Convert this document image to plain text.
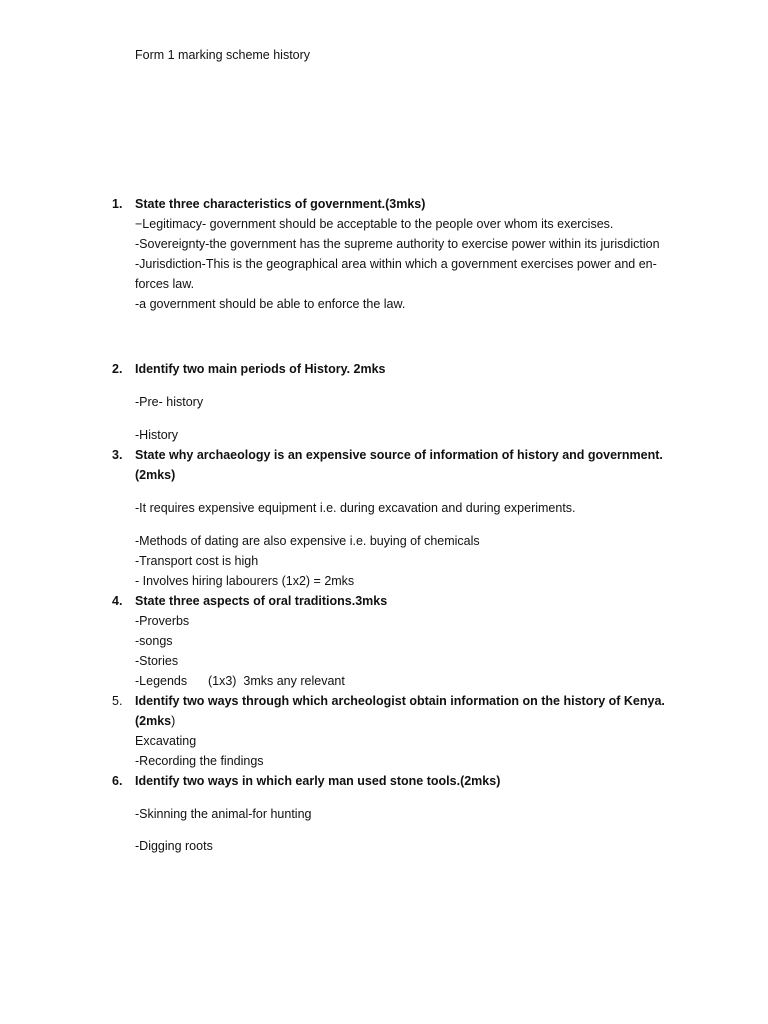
Form 1 marking scheme history
1. State three characteristics of government.(3mks)
−Legitimacy- government should be acceptable to the people over whom its exercises.
-Sovereignty-the government has the supreme authority to exercise power within its jurisdiction
-Jurisdiction-This is the geographical area within which a government exercises power and en-
forces law.
-a government should be able to enforce the law.
2. Identify two main periods of History. 2mks
-Pre- history
-History
3. State why archaeology is an expensive source of information of history and government.
(2mks)
-It requires expensive equipment i.e. during excavation and during experiments.
-Methods of dating are also expensive i.e. buying of chemicals
-Transport cost is high
- Involves hiring labourers (1x2) = 2mks
4. State three aspects of oral traditions.3mks
-Proverbs
-songs
-Stories
-Legends      (1x3)  3mks any relevant
5. Identify two ways through which archeologist obtain information on the history of Kenya.
(2mks)
Excavating
-Recording the findings
6. Identify two ways in which early man used stone tools.(2mks)
-Skinning the animal-for hunting
-Digging roots
